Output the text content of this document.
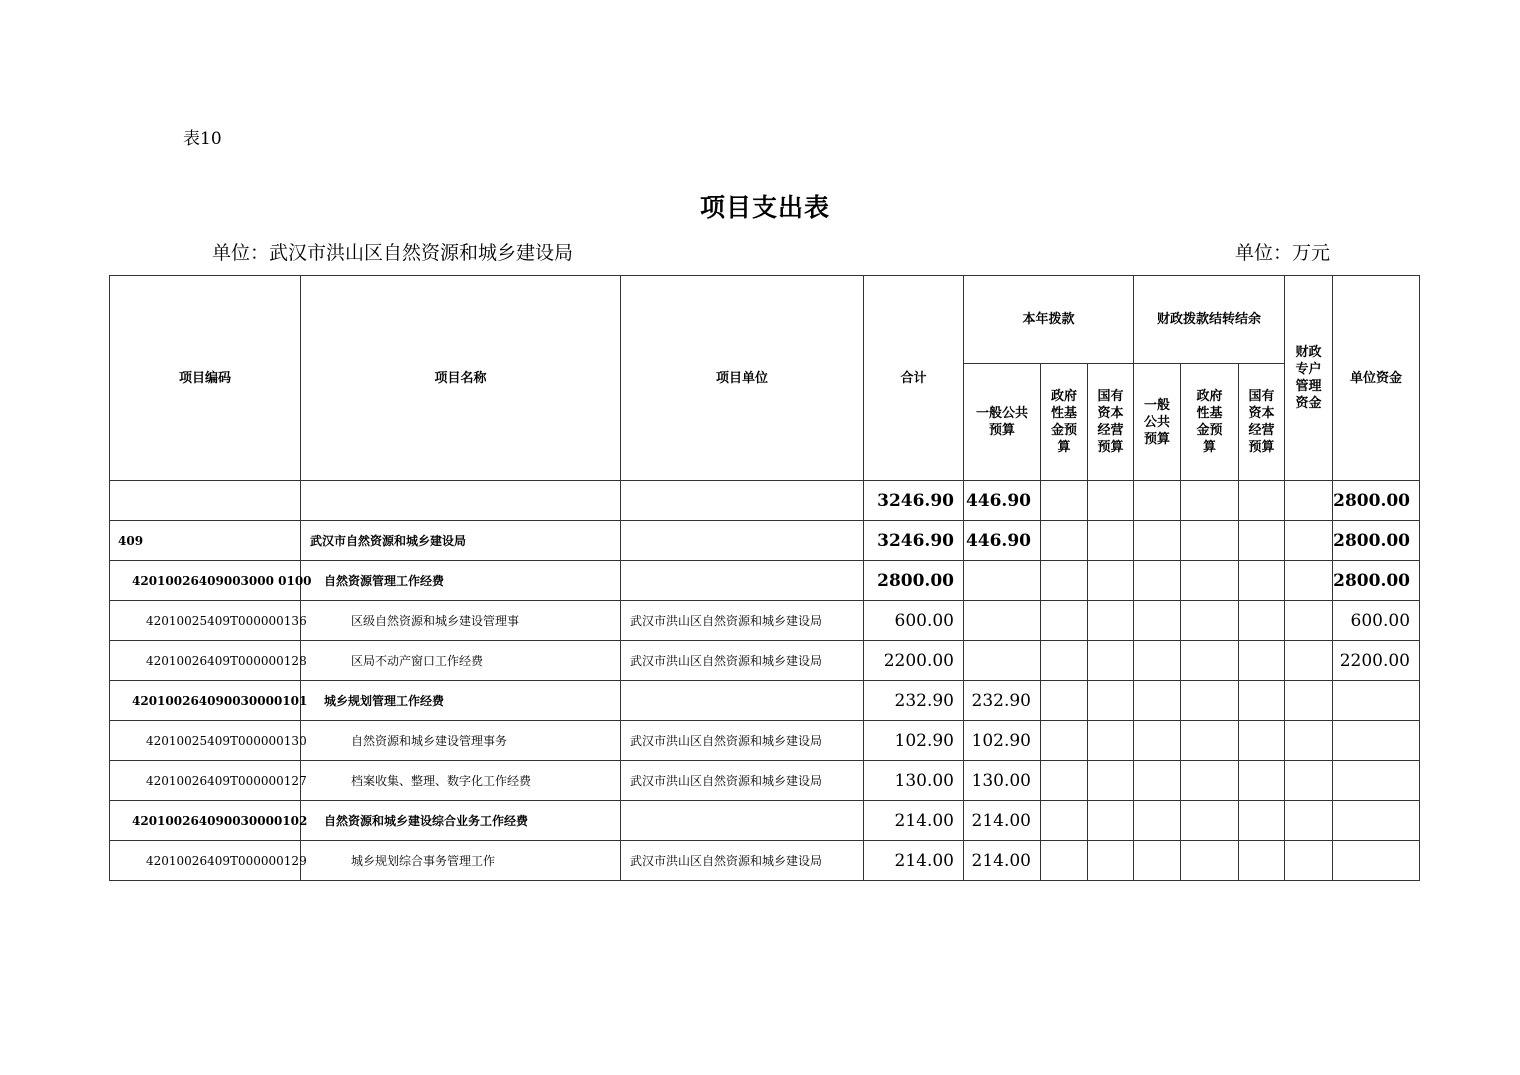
表10
项目支出表
单位：武汉市洪山区自然资源和城乡建设局	单位：万元
项目编码	项目名称	项目单位	合计	本年拨款			财政拨款结转结余			财政专户管理资金	单位资金
				一般公共预算	政府性基金预算	国有资本经营预算	一般公共预算	政府性基金预算	国有资本经营预算		
			3246.90	446.90							2800.00
409	武汉市自然资源和城乡建设局		3246.90	446.90							2800.00
42010026409003000 0100	自然资源管理工作经费		2800.00								2800.00
42010025409T000000136	区级自然资源和城乡建设管理事	武汉市洪山区自然资源和城乡建设局	600.00								600.00
42010026409T000000128	区局不动产窗口工作经费	武汉市洪山区自然资源和城乡建设局	2200.00								2200.00
420100264090030000101	城乡规划管理工作经费		232.90	232.90							
42010025409T000000130	自然资源和城乡建设管理事务	武汉市洪山区自然资源和城乡建设局	102.90	102.90							
42010026409T000000127	档案收集、整理、数字化工作经费	武汉市洪山区自然资源和城乡建设局	130.00	130.00							
420100264090030000102	自然资源和城乡建设综合业务工作经费		214.00	214.00							
42010026409T000000129	城乡规划综合事务管理工作	武汉市洪山区自然资源和城乡建设局	214.00	214.00							
